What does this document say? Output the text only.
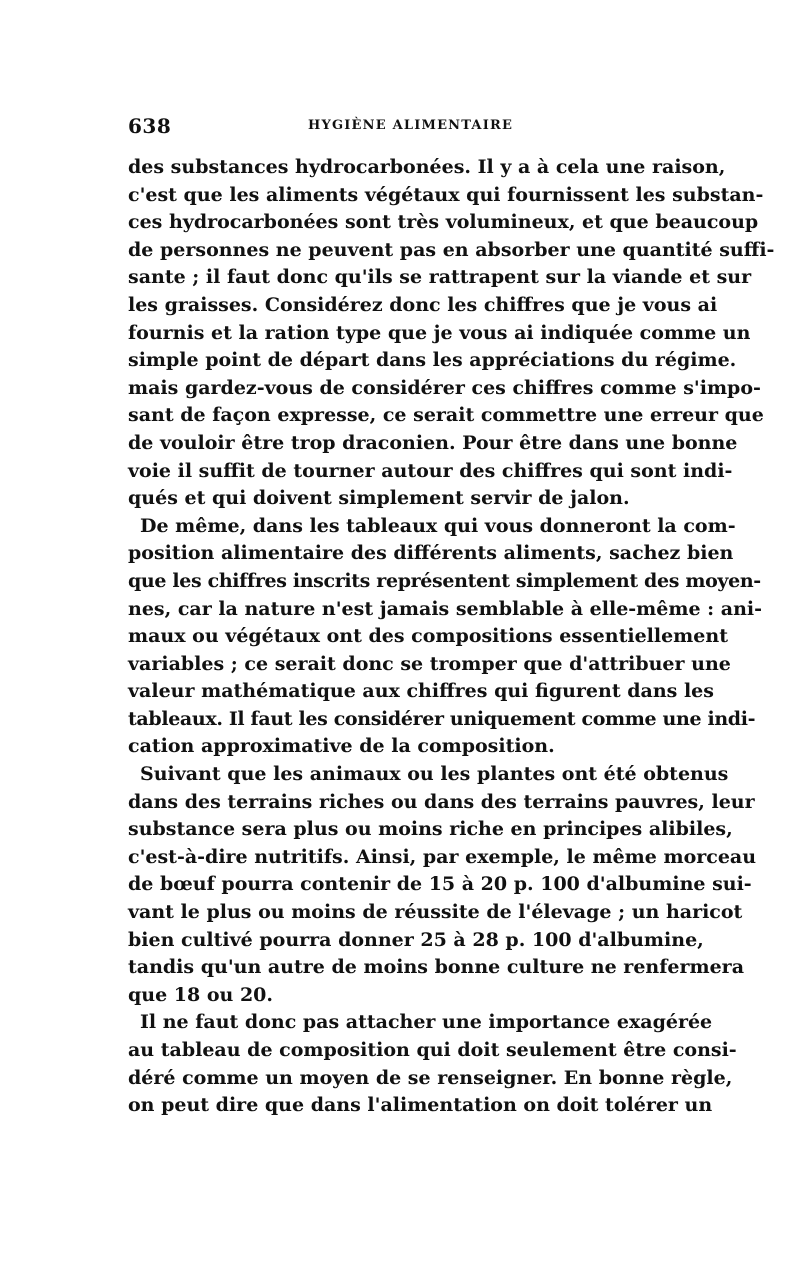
638	HYGIÈNE ALIMENTAIRE
des substances hydrocarbonées. Il y a à cela une raison,
c'est que les aliments végétaux qui fournissent les substan-
ces hydrocarbonées sont très volumineux, et que beaucoup
de personnes ne peuvent pas en absorber une quantité suffi-
sante ; il faut donc qu'ils se rattrapent sur la viande et sur
les graisses. Considérez donc les chiffres que je vous ai
fournis et la ration type que je vous ai indiquée comme un
simple point de départ dans les appréciations du régime.
mais gardez-vous de considérer ces chiffres comme s'impo-
sant de façon expresse, ce serait commettre une erreur que
de vouloir être trop draconien. Pour être dans une bonne
voie il suffit de tourner autour des chiffres qui sont indi-
qués et qui doivent simplement servir de jalon.
De même, dans les tableaux qui vous donneront la com-
position alimentaire des différents aliments, sachez bien
que les chiffres inscrits représentent simplement des moyen-
nes, car la nature n'est jamais semblable à elle-même : ani-
maux ou végétaux ont des compositions essentiellement
variables ; ce serait donc se tromper que d'attribuer une
valeur mathématique aux chiffres qui figurent dans les
tableaux. Il faut les considérer uniquement comme une indi-
cation approximative de la composition.
Suivant que les animaux ou les plantes ont été obtenus
dans des terrains riches ou dans des terrains pauvres, leur
substance sera plus ou moins riche en principes alibiles,
c'est-à-dire nutritifs. Ainsi, par exemple, le même morceau
de bœuf pourra contenir de 15 à 20 p. 100 d'albumine sui-
vant le plus ou moins de réussite de l'élevage ; un haricot
bien cultivé pourra donner 25 à 28 p. 100 d'albumine,
tandis qu'un autre de moins bonne culture ne renfermera
que 18 ou 20.
Il ne faut donc pas attacher une importance exagérée
au tableau de composition qui doit seulement être consi-
déré comme un moyen de se renseigner. En bonne règle,
on peut dire que dans l'alimentation on doit tolérer un
